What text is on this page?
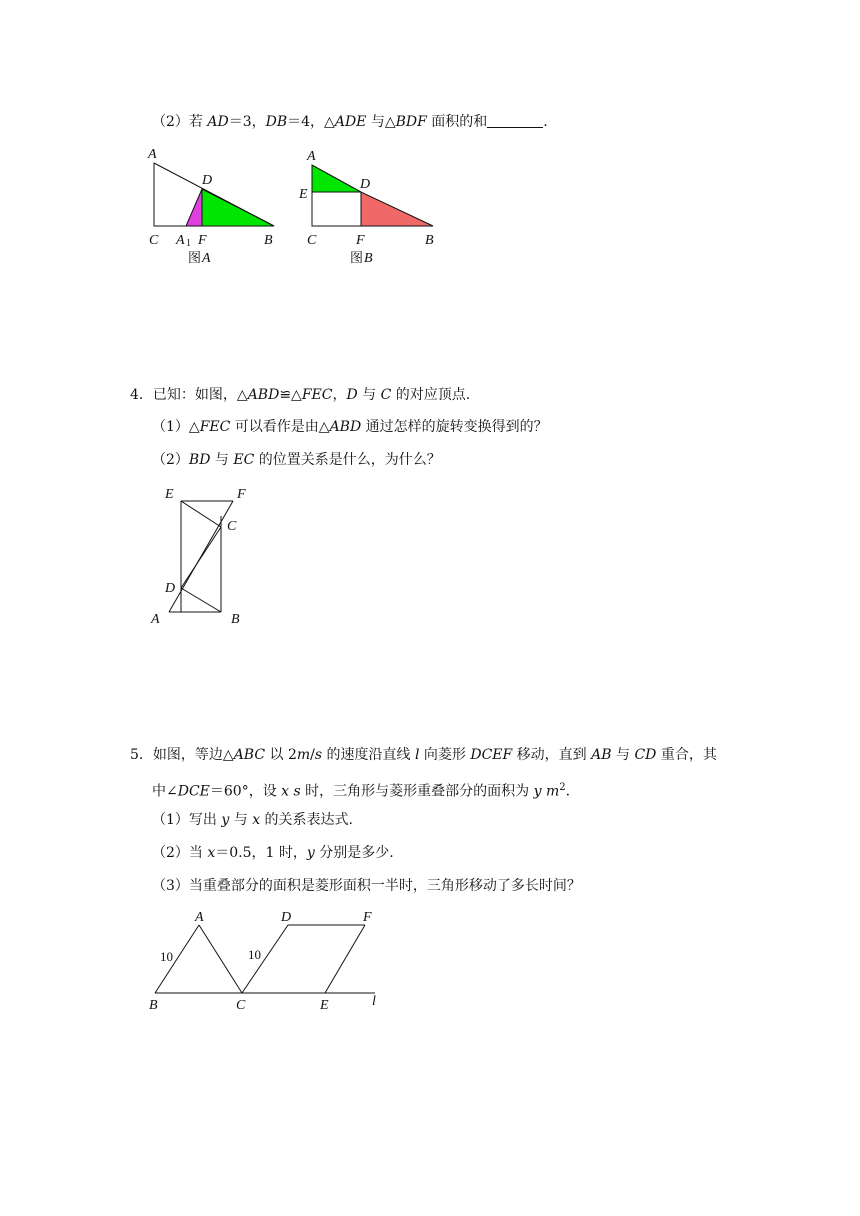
（2）若 AD＝3，DB＝4，△ADE 与△BDF 面积的和	.
A
D
C A 1 F	B
图 A
A
D
E
C	F	B
图 B
4．已知：如图，△ABD≌△FEC，D 与 C 的对应顶点.
（1）△FEC 可以看作是由△ABD 通过怎样的旋转变换得到的？
（2）BD 与 EC 的位置关系是什么，为什么？
E	F
C
D
A	B
5．如图，等边△ABC 以 2m/s 的速度沿直线 l 向菱形 DCEF 移动，直到 AB 与 CD 重合，其
中∠DCE＝60°，设 x s 时，三角形与菱形重叠部分的面积为 y $m^2$.
（1）写出 y 与 x 的关系表达式.
（2）当 x＝0.5，1 时，y 分别是多少.
（3）当重叠部分的面积是菱形面积一半时，三角形移动了多长时间？
A	D	F
10	10
B	C	E	l
